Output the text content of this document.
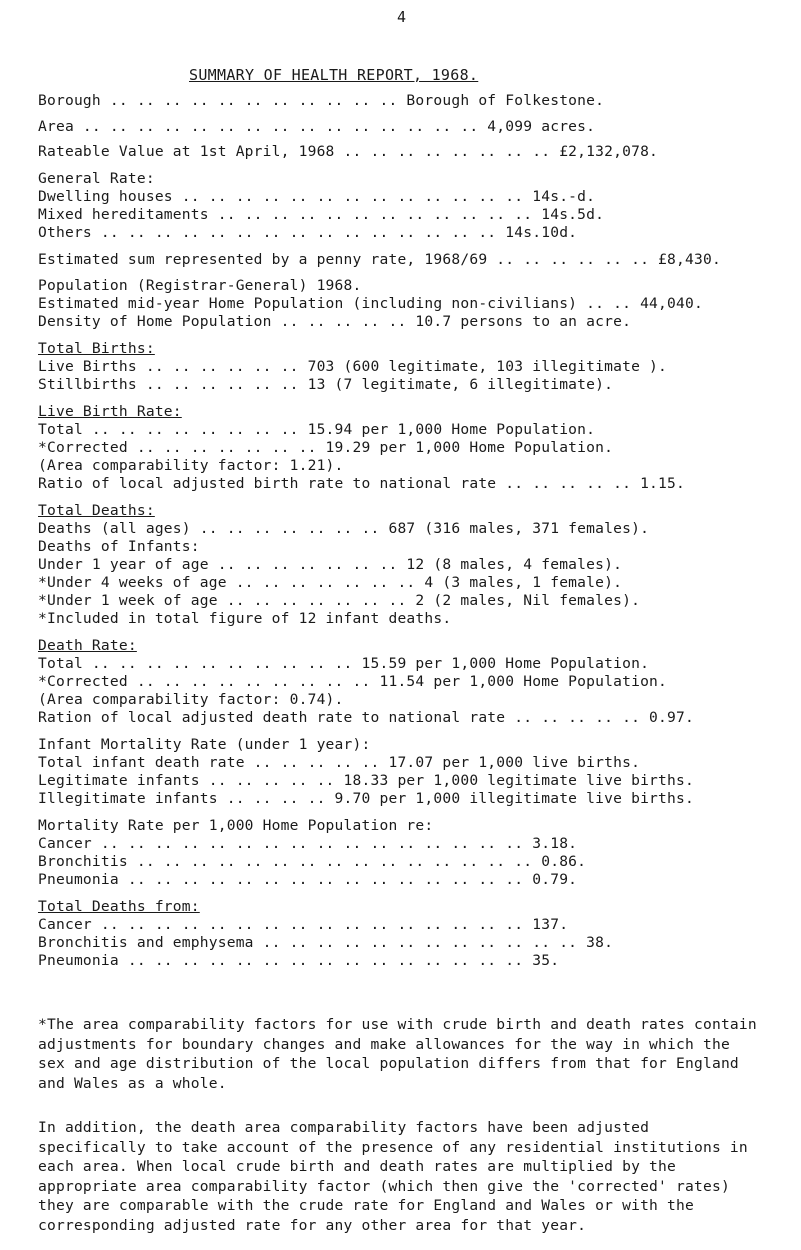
4
SUMMARY OF HEALTH REPORT, 1968.
Borough .. .. .. .. .. .. .. .. .. .. .. Borough of Folkestone.
Area .. .. .. .. .. .. .. .. .. .. .. .. .. .. .. 4,099 acres.
Rateable Value at 1st April, 1968 .. .. .. .. .. .. .. .. £2,132,078.
General Rate:
Dwelling houses .. .. .. .. .. .. .. .. .. .. .. .. .. 14s.-d.
Mixed hereditaments .. .. .. .. .. .. .. .. .. .. .. .. 14s.5d.
Others .. .. .. .. .. .. .. .. .. .. .. .. .. .. .. 14s.10d.
Estimated sum represented by a penny rate, 1968/69 .. .. .. .. .. .. £8,430.
Population (Registrar-General) 1968.
Estimated mid-year Home Population (including non-civilians) .. .. 44,040.
Density of Home Population .. .. .. .. .. 10.7 persons to an acre.
Total Births:
Live Births .. .. .. .. .. .. 703 (600 legitimate, 103 illegitimate ).
Stillbirths .. .. .. .. .. .. 13 (7 legitimate, 6 illegitimate).
Live Birth Rate:
Total .. .. .. .. .. .. .. .. 15.94 per 1,000 Home Population.
*Corrected .. .. .. .. .. .. .. 19.29 per 1,000 Home Population.
(Area comparability factor: 1.21).
Ratio of local adjusted birth rate to national rate .. .. .. .. .. 1.15.
Total Deaths:
Deaths (all ages) .. .. .. .. .. .. .. 687 (316 males, 371 females).
Deaths of Infants:
Under 1 year of age .. .. .. .. .. .. .. 12 (8 males, 4 females).
*Under 4 weeks of age .. .. .. .. .. .. .. 4 (3 males, 1 female).
*Under 1 week of age .. .. .. .. .. .. .. 2 (2 males, Nil females).
*Included in total figure of 12 infant deaths.
Death Rate:
Total .. .. .. .. .. .. .. .. .. .. 15.59 per 1,000 Home Population.
*Corrected .. .. .. .. .. .. .. .. .. 11.54 per 1,000 Home Population.
(Area comparability factor: 0.74).
Ration of local adjusted death rate to national rate .. .. .. .. .. 0.97.
Infant Mortality Rate (under 1 year):
Total infant death rate .. .. .. .. .. 17.07 per 1,000 live births.
Legitimate infants .. .. .. .. .. 18.33 per 1,000 legitimate live births.
Illegitimate infants .. .. .. .. 9.70 per 1,000 illegitimate live births.
Mortality Rate per 1,000 Home Population re:
Cancer .. .. .. .. .. .. .. .. .. .. .. .. .. .. .. .. 3.18.
Bronchitis .. .. .. .. .. .. .. .. .. .. .. .. .. .. .. 0.86.
Pneumonia .. .. .. .. .. .. .. .. .. .. .. .. .. .. .. 0.79.
Total Deaths from:
Cancer .. .. .. .. .. .. .. .. .. .. .. .. .. .. .. .. 137.
Bronchitis and emphysema .. .. .. .. .. .. .. .. .. .. .. .. 38.
Pneumonia .. .. .. .. .. .. .. .. .. .. .. .. .. .. .. 35.

*The area comparability factors for use with crude birth and death rates contain adjustments for boundary changes and make allowances for the way in which the sex and age distribution of the local population differs from that for England and Wales as a whole.

In addition, the death area comparability factors have been adjusted specifically to take account of the presence of any residential institutions in each area. When local crude birth and death rates are multiplied by the appropriate area comparability factor (which then give the 'corrected' rates) they are comparable with the crude rate for England and Wales or with the corresponding adjusted rate for any other area for that year.
